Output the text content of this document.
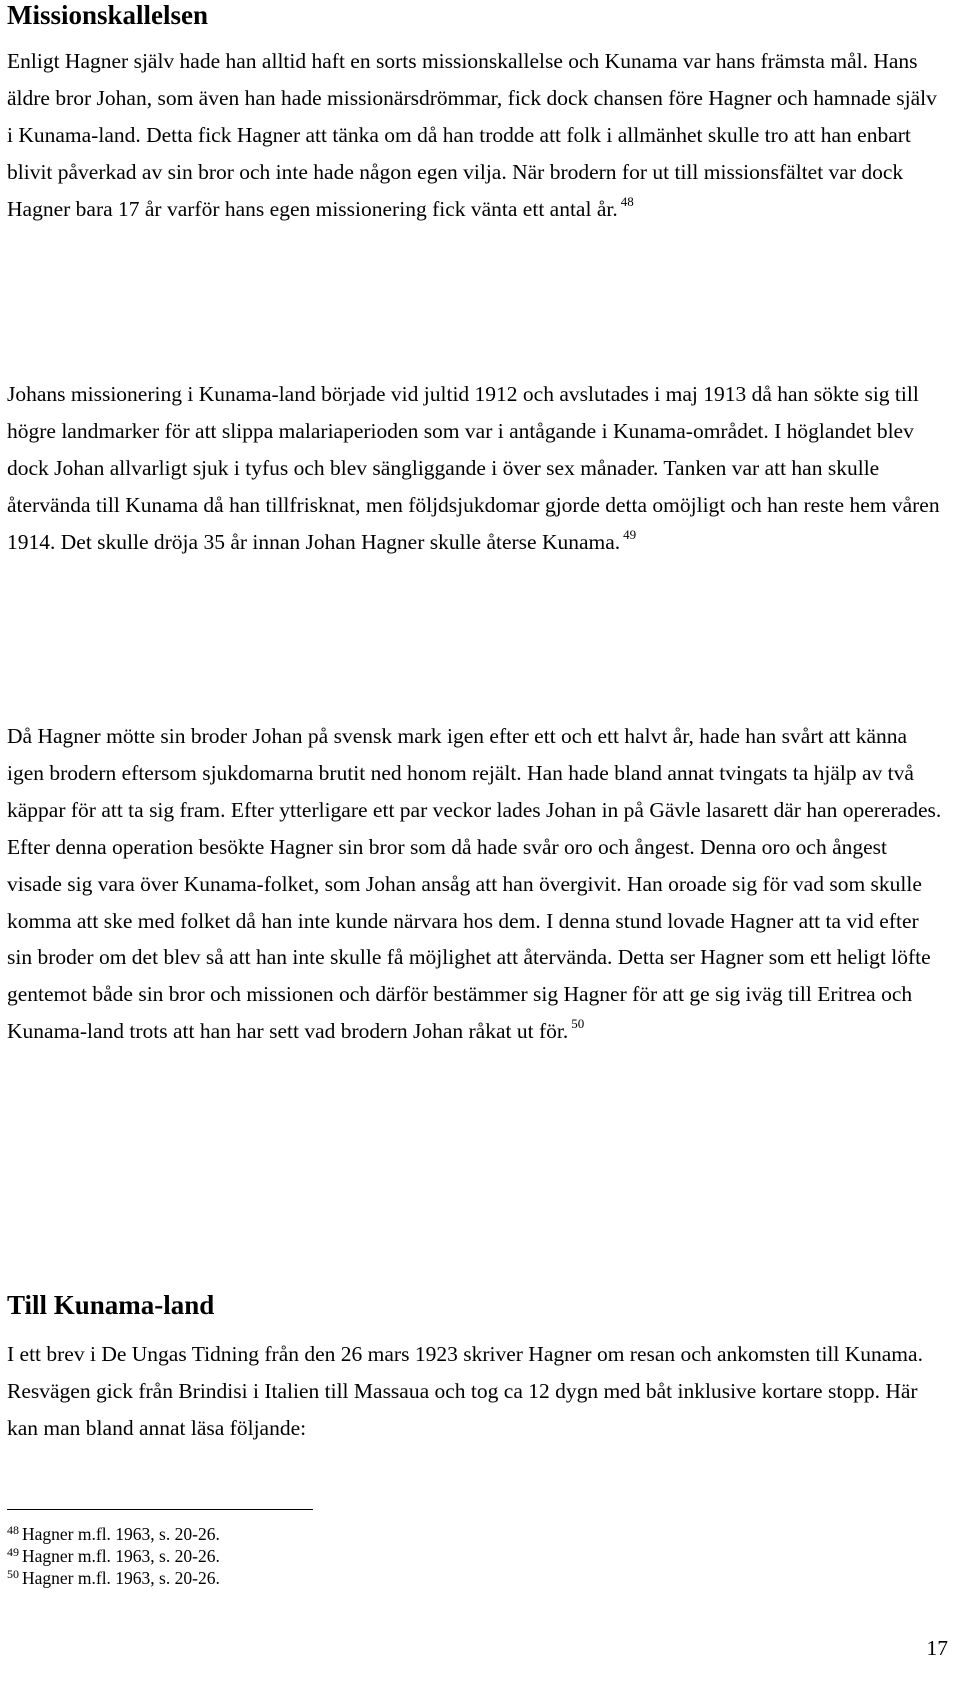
Missionskallelsen

Enligt Hagner själv hade han alltid haft en sorts missionskallelse och Kunama var hans främsta mål. Hans äldre bror Johan, som även han hade missionärsdrömmar, fick dock chansen före Hagner och hamnade själv i Kunama-land. Detta fick Hagner att tänka om då han trodde att folk i allmänhet skulle tro att han enbart blivit påverkad av sin bror och inte hade någon egen vilja. När brodern for ut till missionsfältet var dock Hagner bara 17 år varför hans egen missionering fick vänta ett antal år. $^{48}$

Johans missionering i Kunama-land började vid jultid 1912 och avslutades i maj 1913 då han sökte sig till högre landmarker för att slippa malariaperioden som var i antågande i Kunama-området. I höglandet blev dock Johan allvarligt sjuk i tyfus och blev sängliggande i över sex månader. Tanken var att han skulle återvända till Kunama då han tillfrisknat, men följdsjukdomar gjorde detta omöjligt och han reste hem våren 1914. Det skulle dröja 35 år innan Johan Hagner skulle återse Kunama. $^{49}$

Då Hagner mötte sin broder Johan på svensk mark igen efter ett och ett halvt år, hade han svårt att känna igen brodern eftersom sjukdomarna brutit ned honom rejält. Han hade bland annat tvingats ta hjälp av två käppar för att ta sig fram. Efter ytterligare ett par veckor lades Johan in på Gävle lasarett där han opererades. Efter denna operation besökte Hagner sin bror som då hade svår oro och ångest. Denna oro och ångest visade sig vara över Kunama-folket, som Johan ansåg att han övergivit. Han oroade sig för vad som skulle komma att ske med folket då han inte kunde närvara hos dem. I denna stund lovade Hagner att ta vid efter sin broder om det blev så att han inte skulle få möjlighet att återvända. Detta ser Hagner som ett heligt löfte gentemot både sin bror och missionen och därför bestämmer sig Hagner för att ge sig iväg till Eritrea och Kunama-land trots att han har sett vad brodern Johan råkat ut för. $^{50}$

Till Kunama-land

I ett brev i De Ungas Tidning från den 26 mars 1923 skriver Hagner om resan och ankomsten till Kunama. Resvägen gick från Brindisi i Italien till Massaua och tog ca 12 dygn med båt inklusive kortare stopp. Här kan man bland annat läsa följande:

$^{48}$ Hagner m.fl. 1963, s. 20-26.
$^{49}$ Hagner m.fl. 1963, s. 20-26.
$^{50}$ Hagner m.fl. 1963, s. 20-26.
17
